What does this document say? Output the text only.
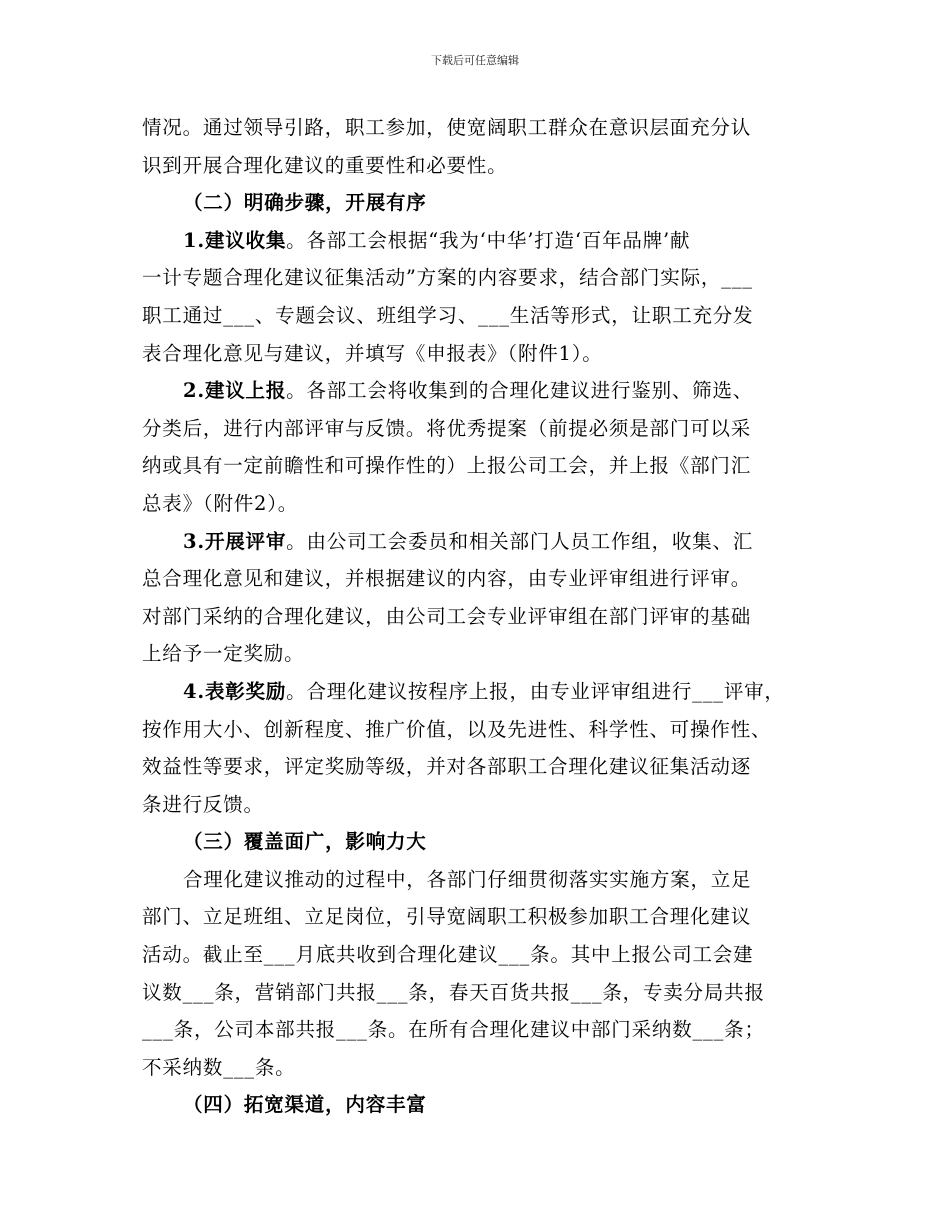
下载后可任意编辑
情况。通过领导引路，职工参加，使宽阔职工群众在意识层面充分认
识到开展合理化建议的重要性和必要性。
（二）明确步骤，开展有序
1.建议收集。各部工会根据“我为‘中华’打造‘百年品牌’献
一计专题合理化建议征集活动”方案的内容要求，结合部门实际，___
职工通过___、专题会议、班组学习、___生活等形式，让职工充分发
表合理化意见与建议，并填写《申报表》（附件1）。
2.建议上报。各部工会将收集到的合理化建议进行鉴别、筛选、
分类后，进行内部评审与反馈。将优秀提案（前提必须是部门可以采
纳或具有一定前瞻性和可操作性的）上报公司工会，并上报《部门汇
总表》（附件2）。
3.开展评审。由公司工会委员和相关部门人员工作组，收集、汇
总合理化意见和建议，并根据建议的内容，由专业评审组进行评审。
对部门采纳的合理化建议，由公司工会专业评审组在部门评审的基础
上给予一定奖励。
4.表彰奖励。合理化建议按程序上报，由专业评审组进行___评审，
按作用大小、创新程度、推广价值，以及先进性、科学性、可操作性、
效益性等要求，评定奖励等级，并对各部职工合理化建议征集活动逐
条进行反馈。
（三）覆盖面广，影响力大
合理化建议推动的过程中，各部门仔细贯彻落实实施方案，立足
部门、立足班组、立足岗位，引导宽阔职工积极参加职工合理化建议
活动。截止至___月底共收到合理化建议___条。其中上报公司工会建
议数___条，营销部门共报___条，春天百货共报___条，专卖分局共报
___条，公司本部共报___条。在所有合理化建议中部门采纳数___条；
不采纳数___条。
（四）拓宽渠道，内容丰富
